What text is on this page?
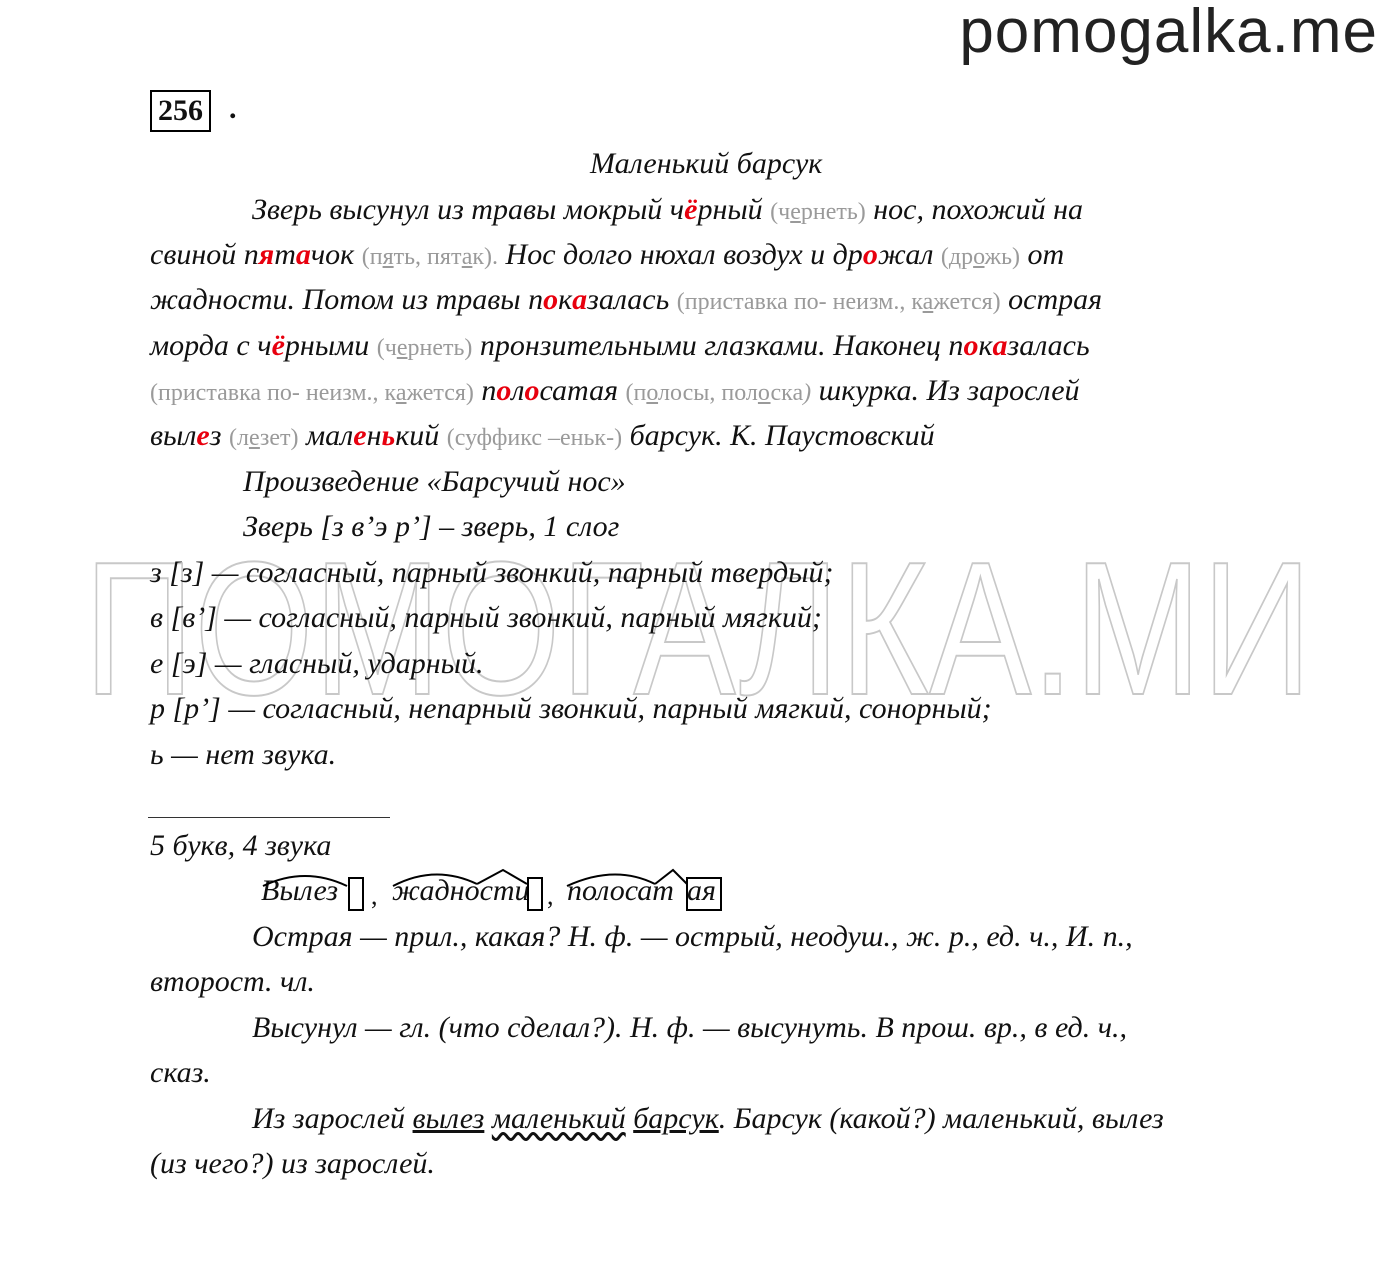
pomogalka.me
ПОМОГАЛКА.МИ
256 .
Маленький барсук
Зверь высунул из травы мокрый чёрный (чернеть) нос, похожий на
свиной пятачок (пять, пятак). Нос долго нюхал воздух и дрожал (дрожь) от
жадности. Потом из травы показалась (приставка по- неизм., кажется) острая
морда с чёрными (чернеть) пронзительными глазками. Наконец показалась
(приставка по- неизм., кажется) полосатая (полосы, полоска) шкурка. Из зарослей
вылез (лезет) маленький (суффикс –еньк-) барсук. К. Паустовский
Произведение «Барсучий нос»
Зверь [з в’э р’] – зверь, 1 слог
з [з] — согласный, парный звонкий, парный твердый;
в [в’] — согласный, парный звонкий, парный мягкий;
е [э] — гласный, ударный.
р [р’] — согласный, непарный звонкий, парный мягкий, сонорный;
ь — нет звука.
5 букв, 4 звука
Вылез , жадности , полосат ая
Острая — прил., какая? Н. ф. — острый, неодуш., ж. р., ед. ч., И. п.,
второст. чл.
Высунул — гл. (что сделал?). Н. ф. — высунуть. В прош. вр., в ед. ч.,
сказ.
Из зарослей вылез маленький барсук. Барсук (какой?) маленький, вылез
(из чего?) из зарослей.
